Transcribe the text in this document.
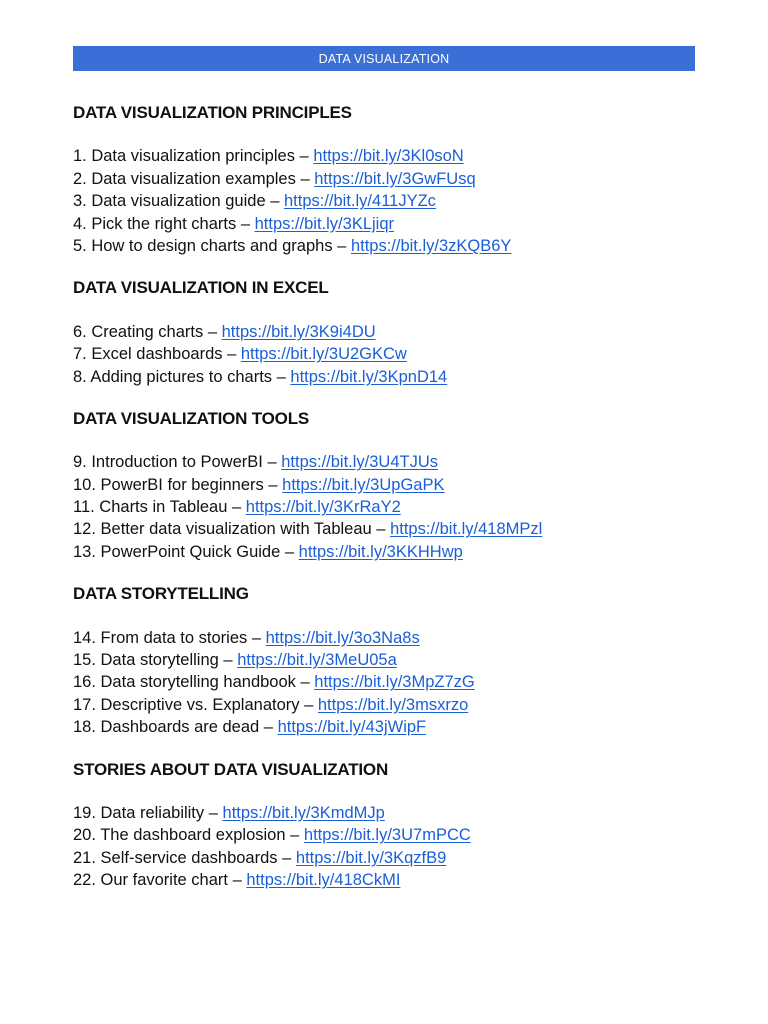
DATA VISUALIZATION
DATA VISUALIZATION PRINCIPLES
1. Data visualization principles – https://bit.ly/3Kl0soN
2. Data visualization examples – https://bit.ly/3GwFUsq
3. Data visualization guide – https://bit.ly/411JYZc
4. Pick the right charts – https://bit.ly/3KLjiqr
5. How to design charts and graphs – https://bit.ly/3zKQB6Y
DATA VISUALIZATION IN EXCEL
6. Creating charts – https://bit.ly/3K9i4DU
7. Excel dashboards – https://bit.ly/3U2GKCw
8. Adding pictures to charts – https://bit.ly/3KpnD14
DATA VISUALIZATION TOOLS
9. Introduction to PowerBI – https://bit.ly/3U4TJUs
10. PowerBI for beginners – https://bit.ly/3UpGaPK
11. Charts in Tableau – https://bit.ly/3KrRaY2
12. Better data visualization with Tableau – https://bit.ly/418MPzl
13. PowerPoint Quick Guide – https://bit.ly/3KKHHwp
DATA STORYTELLING
14. From data to stories – https://bit.ly/3o3Na8s
15. Data storytelling – https://bit.ly/3MeU05a
16. Data storytelling handbook – https://bit.ly/3MpZ7zG
17. Descriptive vs. Explanatory – https://bit.ly/3msxrzo
18. Dashboards are dead – https://bit.ly/43jWipF
STORIES ABOUT DATA VISUALIZATION
19. Data reliability – https://bit.ly/3KmdMJp
20. The dashboard explosion – https://bit.ly/3U7mPCC
21. Self-service dashboards – https://bit.ly/3KqzfB9
22. Our favorite chart – https://bit.ly/418CkMI
